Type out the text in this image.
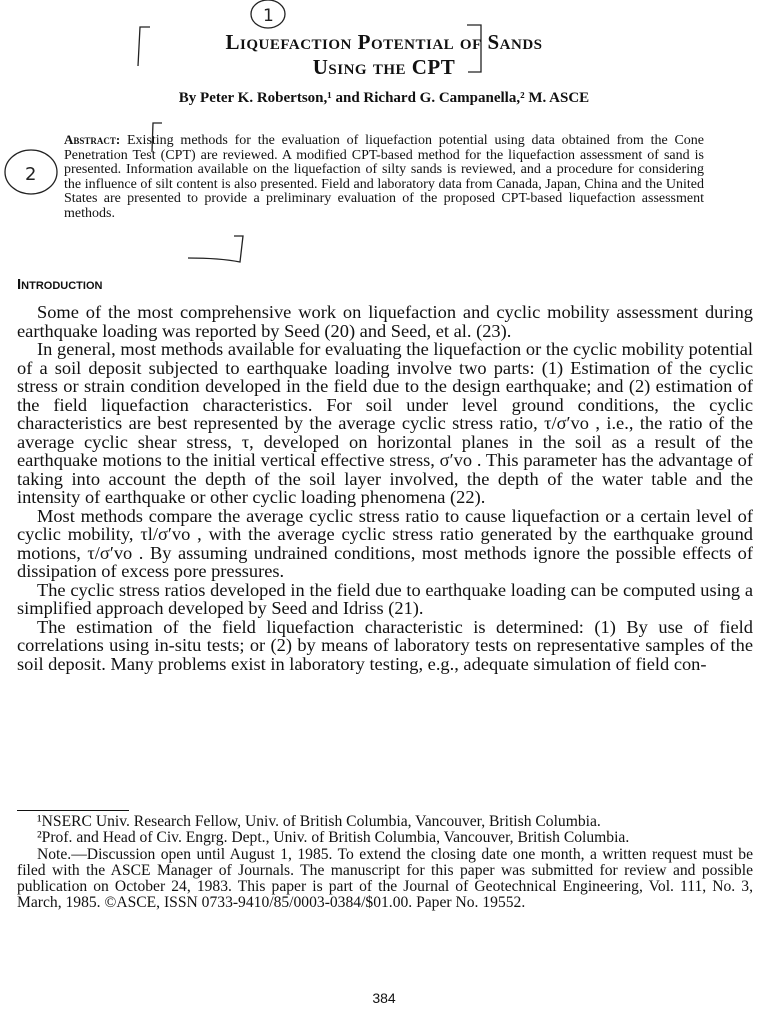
Liquefaction Potential of Sands
Using the CPT
By Peter K. Robertson,¹ and Richard G. Campanella,² M. ASCE
Abstract: Existing methods for the evaluation of liquefaction potential using data obtained from the Cone Penetration Test (CPT) are reviewed. A modified CPT-based method for the liquefaction assessment of sand is presented. Information available on the liquefaction of silty sands is reviewed, and a procedure for considering the influence of silt content is also presented. Field and laboratory data from Canada, Japan, China and the United States are presented to provide a preliminary evaluation of the proposed CPT-based liquefaction assessment methods.
Introduction

Some of the most comprehensive work on liquefaction and cyclic mobility assessment during earthquake loading was reported by Seed (20) and Seed, et al. (23).

In general, most methods available for evaluating the liquefaction or the cyclic mobility potential of a soil deposit subjected to earthquake loading involve two parts: (1) Estimation of the cyclic stress or strain condition developed in the field due to the design earthquake; and (2) estimation of the field liquefaction characteristics. For soil under level ground conditions, the cyclic characteristics are best represented by the average cyclic stress ratio, τ/σ′vo , i.e., the ratio of the average cyclic shear stress, τ, developed on horizontal planes in the soil as a result of the earthquake motions to the initial vertical effective stress, σ′vo . This parameter has the advantage of taking into account the depth of the soil layer involved, the depth of the water table and the intensity of earthquake or other cyclic loading phenomena (22).

Most methods compare the average cyclic stress ratio to cause liquefaction or a certain level of cyclic mobility, τl/σ′vo , with the average cyclic stress ratio generated by the earthquake ground motions, τ/σ′vo . By assuming undrained conditions, most methods ignore the possible effects of dissipation of excess pore pressures.

The cyclic stress ratios developed in the field due to earthquake loading can be computed using a simplified approach developed by Seed and Idriss (21).

The estimation of the field liquefaction characteristic is determined: (1) By use of field correlations using in-situ tests; or (2) by means of laboratory tests on representative samples of the soil deposit. Many problems exist in laboratory testing, e.g., adequate simulation of field con-

¹NSERC Univ. Research Fellow, Univ. of British Columbia, Vancouver, British Columbia.

²Prof. and Head of Civ. Engrg. Dept., Univ. of British Columbia, Vancouver, British Columbia.

Note.—Discussion open until August 1, 1985. To extend the closing date one month, a written request must be filed with the ASCE Manager of Journals. The manuscript for this paper was submitted for review and possible publication on October 24, 1983. This paper is part of the Journal of Geotechnical Engineering, Vol. 111, No. 3, March, 1985. ©ASCE, ISSN 0733-9410/85/0003-0384/$01.00. Paper No. 19552.

384
1
2
